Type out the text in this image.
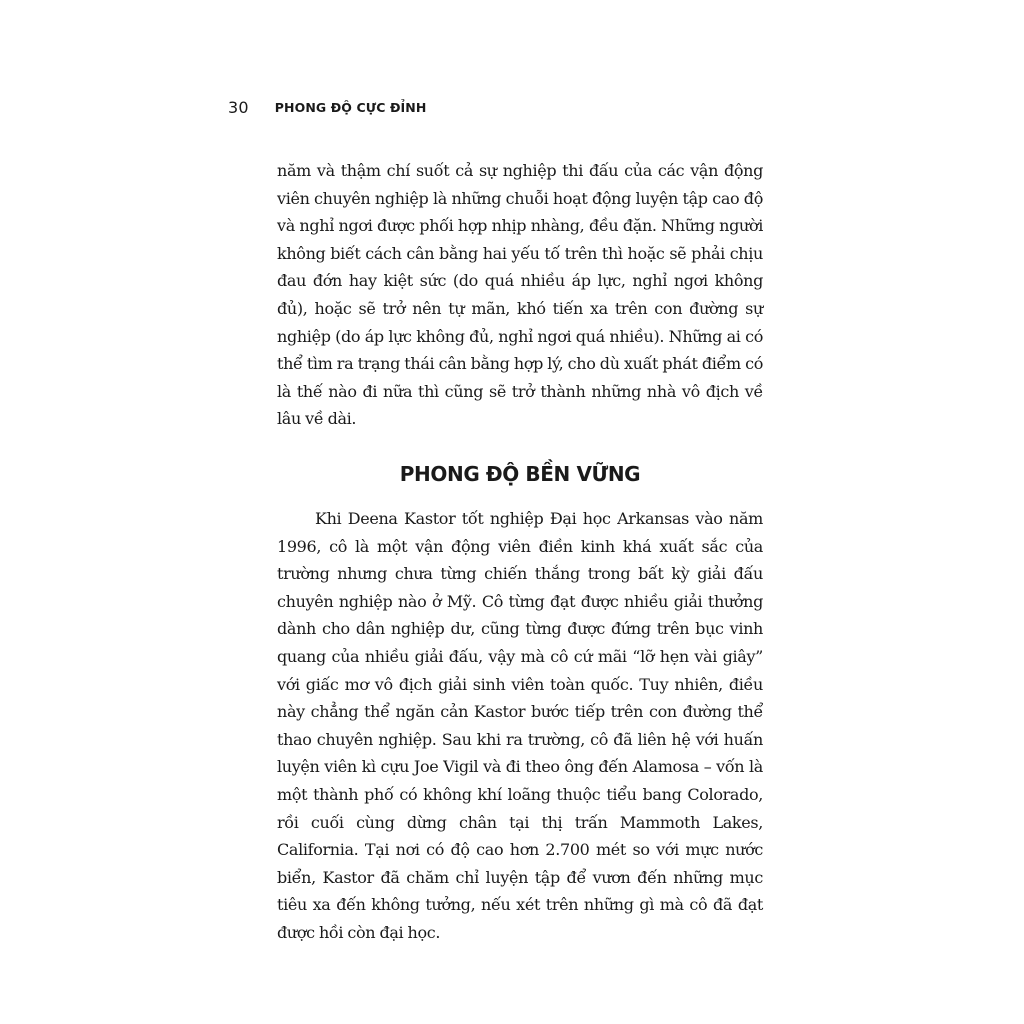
30 PHONG ĐỘ CỰC ĐỈNH

năm và thậm chí suốt cả sự nghiệp thi đấu của các vận động viên chuyên nghiệp là những chuỗi hoạt động luyện tập cao độ và nghỉ ngơi được phối hợp nhịp nhàng, đều đặn. Những người không biết cách cân bằng hai yếu tố trên thì hoặc sẽ phải chịu đau đớn hay kiệt sức (do quá nhiều áp lực, nghỉ ngơi không đủ), hoặc sẽ trở nên tự mãn, khó tiến xa trên con đường sự nghiệp (do áp lực không đủ, nghỉ ngơi quá nhiều). Những ai có thể tìm ra trạng thái cân bằng hợp lý, cho dù xuất phát điểm có là thế nào đi nữa thì cũng sẽ trở thành những nhà vô địch về lâu về dài.

PHONG ĐỘ BỀN VỮNG

Khi Deena Kastor tốt nghiệp Đại học Arkansas vào năm 1996, cô là một vận động viên điền kinh khá xuất sắc của trường nhưng chưa từng chiến thắng trong bất kỳ giải đấu chuyên nghiệp nào ở Mỹ. Cô từng đạt được nhiều giải thưởng dành cho dân nghiệp dư, cũng từng được đứng trên bục vinh quang của nhiều giải đấu, vậy mà cô cứ mãi “lỡ hẹn vài giây” với giấc mơ vô địch giải sinh viên toàn quốc. Tuy nhiên, điều này chẳng thể ngăn cản Kastor bước tiếp trên con đường thể thao chuyên nghiệp. Sau khi ra trường, cô đã liên hệ với huấn luyện viên kì cựu Joe Vigil và đi theo ông đến Alamosa – vốn là một thành phố có không khí loãng thuộc tiểu bang Colorado, rồi cuối cùng dừng chân tại thị trấn Mammoth Lakes, California. Tại nơi có độ cao hơn 2.700 mét so với mực nước biển, Kastor đã chăm chỉ luyện tập để vươn đến những mục tiêu xa đến không tưởng, nếu xét trên những gì mà cô đã đạt được hồi còn đại học.
